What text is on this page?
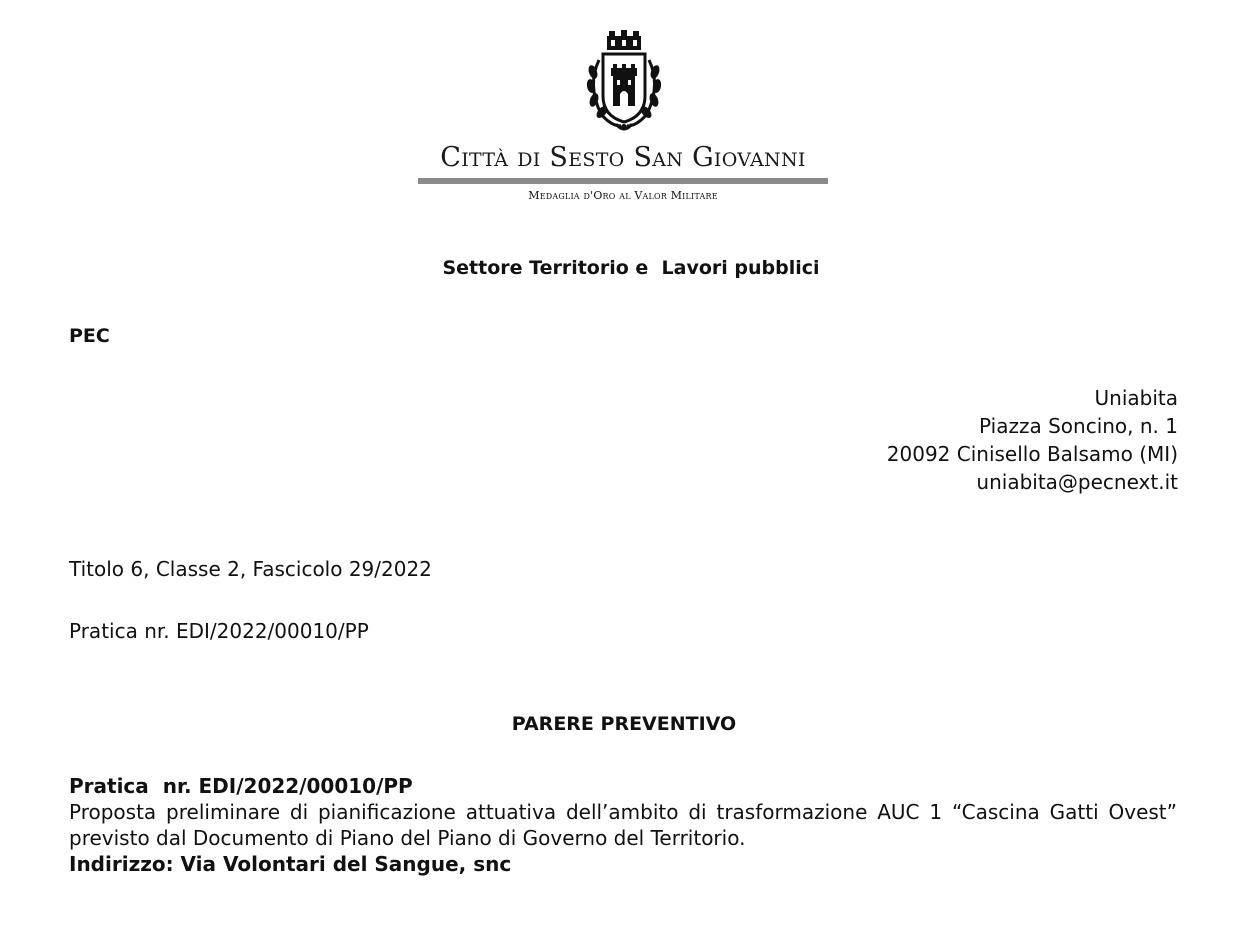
Città di Sesto San Giovanni
Medaglia d'Oro al Valor Militare
Settore Territorio e  Lavori pubblici
PEC
Uniabita
Piazza Soncino, n. 1
20092 Cinisello Balsamo (MI)
uniabita@pecnext.it
Titolo 6, Classe 2, Fascicolo 29/2022
Pratica nr. EDI/2022/00010/PP
PARERE PREVENTIVO
Pratica  nr. EDI/2022/00010/PP
Proposta preliminare di pianificazione attuativa dell’ambito di trasformazione AUC 1 “Cascina Gatti Ovest” previsto dal Documento di Piano del Piano di Governo del Territorio.
Indirizzo: Via Volontari del Sangue, snc
